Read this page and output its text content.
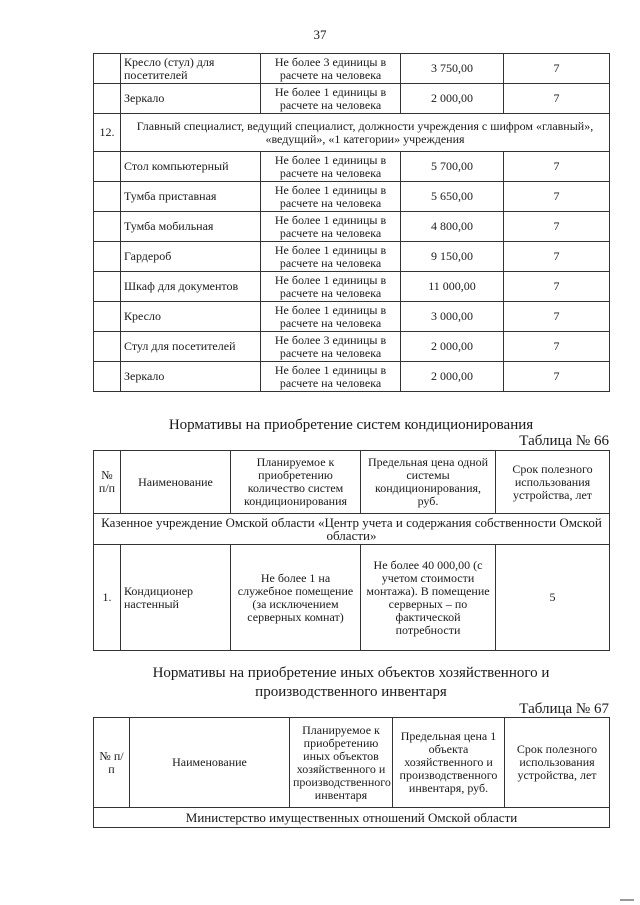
37
	Кресло (стул) для посетителей	Не более 3 единицы в расчете на человека	3 750,00	7
	Зеркало	Не более 1 единицы в расчете на человека	2 000,00	7
12.	Главный специалист, ведущий специалист, должности учреждения с шифром «главный», «ведущий», «1 категории» учреждения			
	Стол компьютерный	Не более 1 единицы в расчете на человека	5 700,00	7
	Тумба приставная	Не более 1 единицы в расчете на человека	5 650,00	7
	Тумба мобильная	Не более 1 единицы в расчете на человека	4 800,00	7
	Гардероб	Не более 1 единицы в расчете на человека	9 150,00	7
	Шкаф для документов	Не более 1 единицы в расчете на человека	11 000,00	7
	Кресло	Не более 1 единицы в расчете на человека	3 000,00	7
	Стул для посетителей	Не более 3 единицы в расчете на человека	2 000,00	7
	Зеркало	Не более 1 единицы в расчете на человека	2 000,00	7
Нормативы на приобретение систем кондиционирования
Таблица № 66
№ п/п	Наименование	Планируемое к приобретению количество систем кондиционирования	Предельная цена одной системы кондиционирования, руб.	Срок полезного использования устройства, лет
Казенное учреждение Омской области «Центр учета и содержания собственности Омской области»				
1.	Кондиционер настенный	Не более 1 на служебное помещение (за исключением серверных комнат)	Не более 40 000,00 (с учетом стоимости монтажа). В помещение серверных – по фактической потребности	5
Нормативы на приобретение иных объектов хозяйственного и производственного инвентаря
Таблица № 67
№ п/п	Наименование	Планируемое к приобретению иных объектов хозяйственного и производственного инвентаря	Предельная цена 1 объекта хозяйственного и производственного инвентаря, руб.	Срок полезного использования устройства, лет
Министерство имущественных отношений Омской области
